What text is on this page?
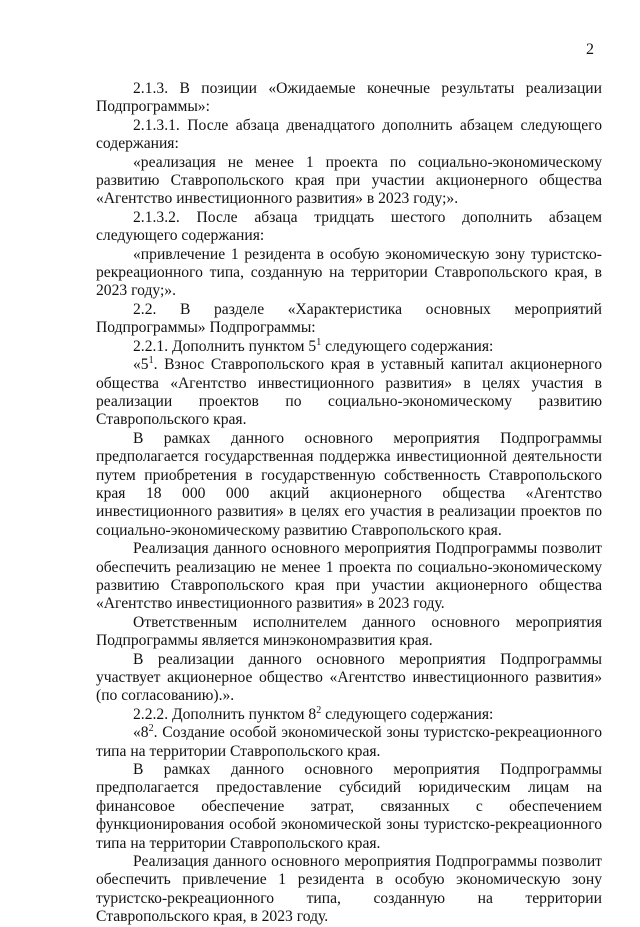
2

2.1.3. В позиции «Ожидаемые конечные результаты реализации Подпрограммы»:

2.1.3.1. После абзаца двенадцатого дополнить абзацем следующего содержания:

«реализация не менее 1 проекта по социально-экономическому развитию Ставропольского края при участии акционерного общества «Агентство инвестиционного развития» в 2023 году;».

2.1.3.2. После абзаца тридцать шестого дополнить абзацем следующего содержания:

«привлечение 1 резидента в особую экономическую зону туристско-рекреационного типа, созданную на территории Ставропольского края, в 2023 году;».

2.2. В разделе «Характеристика основных мероприятий Подпрограммы» Подпрограммы:

2.2.1. Дополнить пунктом $5^1$ следующего содержания:

«$5^1$. Взнос Ставропольского края в уставный капитал акционерного общества «Агентство инвестиционного развития» в целях участия в реализации проектов по социально-экономическому развитию Ставропольского края.

В рамках данного основного мероприятия Подпрограммы предполагается государственная поддержка инвестиционной деятельности путем приобретения в государственную собственность Ставропольского края 18 000 000 акций акционерного общества «Агентство инвестиционного развития» в целях его участия в реализации проектов по социально-экономическому развитию Ставропольского края.

Реализация данного основного мероприятия Подпрограммы позволит обеспечить реализацию не менее 1 проекта по социально-экономическому развитию Ставропольского края при участии акционерного общества «Агентство инвестиционного развития» в 2023 году.

Ответственным исполнителем данного основного мероприятия Подпрограммы является минэкономразвития края.

В реализации данного основного мероприятия Подпрограммы участвует акционерное общество «Агентство инвестиционного развития» (по согласованию).».

2.2.2. Дополнить пунктом $8^2$ следующего содержания:

«$8^2$. Создание особой экономической зоны туристско-рекреационного типа на территории Ставропольского края.

В рамках данного основного мероприятия Подпрограммы предполагается предоставление субсидий юридическим лицам на финансовое обеспечение затрат, связанных с обеспечением функционирования особой экономической зоны туристско-рекреационного типа на территории Ставропольского края.

Реализация данного основного мероприятия Подпрограммы позволит обеспечить привлечение 1 резидента в особую экономическую зону туристско-рекреационного типа, созданную на территории Ставропольского края, в 2023 году.
